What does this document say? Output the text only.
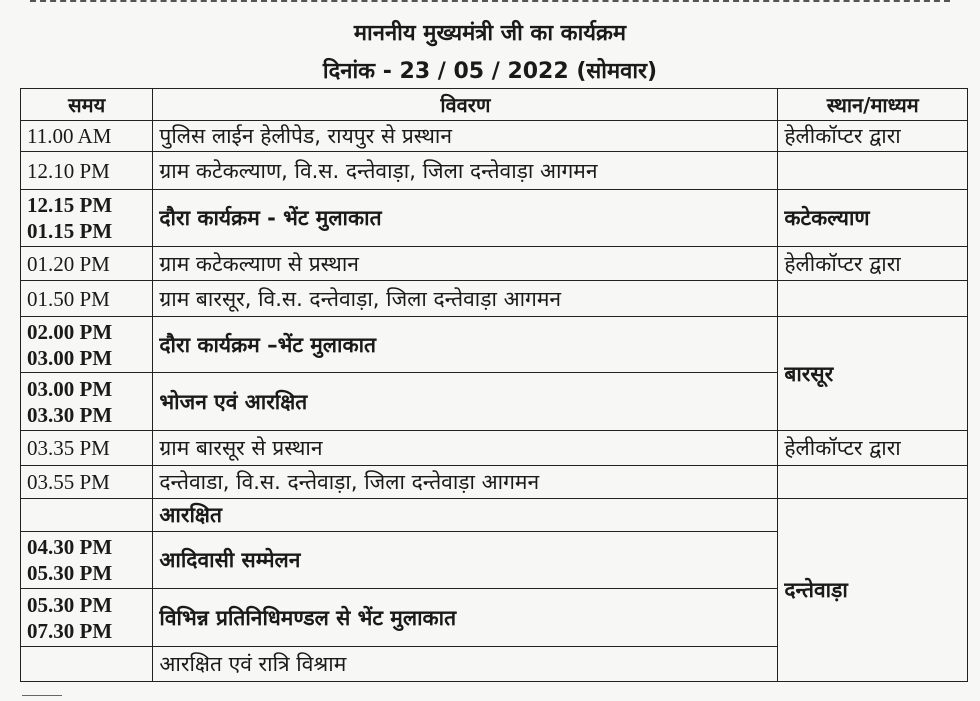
माननीय मुख्यमंत्री जी का कार्यक्रम
दिनांक - 23 / 05 / 2022 (सोमवार)
समय	विवरण	स्थान/माध्यम

11.00 AM	पुलिस लाईन हेलीपेड, रायपुर से प्रस्थान	हेलीकॉप्टर द्वारा

12.10 PM	ग्राम कटेकल्याण, वि.स. दन्तेवाड़ा, जिला दन्तेवाड़ा आगमन	

12.15 PM
01.15 PM	दौरा कार्यक्रम - भेंट मुलाकात	कटेकल्याण

01.20 PM	ग्राम कटेकल्याण से प्रस्थान	हेलीकॉप्टर द्वारा

01.50 PM	ग्राम बारसूर, वि.स. दन्तेवाड़ा, जिला दन्तेवाड़ा आगमन	

02.00 PM
03.00 PM	दौरा कार्यक्रम –भेंट मुलाकात	बारसूर

03.00 PM
03.30 PM	भोजन एवं आरक्षित	

03.35 PM	ग्राम बारसूर से प्रस्थान	हेलीकॉप्टर द्वारा

03.55 PM	दन्तेवाडा, वि.स. दन्तेवाड़ा, जिला दन्तेवाड़ा आगमन	
	आरक्षित	दन्तेवाड़ा

04.30 PM
05.30 PM	आदिवासी सम्मेलन	

05.30 PM
07.30 PM	विभिन्न प्रतिनिधिमण्डल से भेंट मुलाकात	
	आरक्षित एवं रात्रि विश्राम	
